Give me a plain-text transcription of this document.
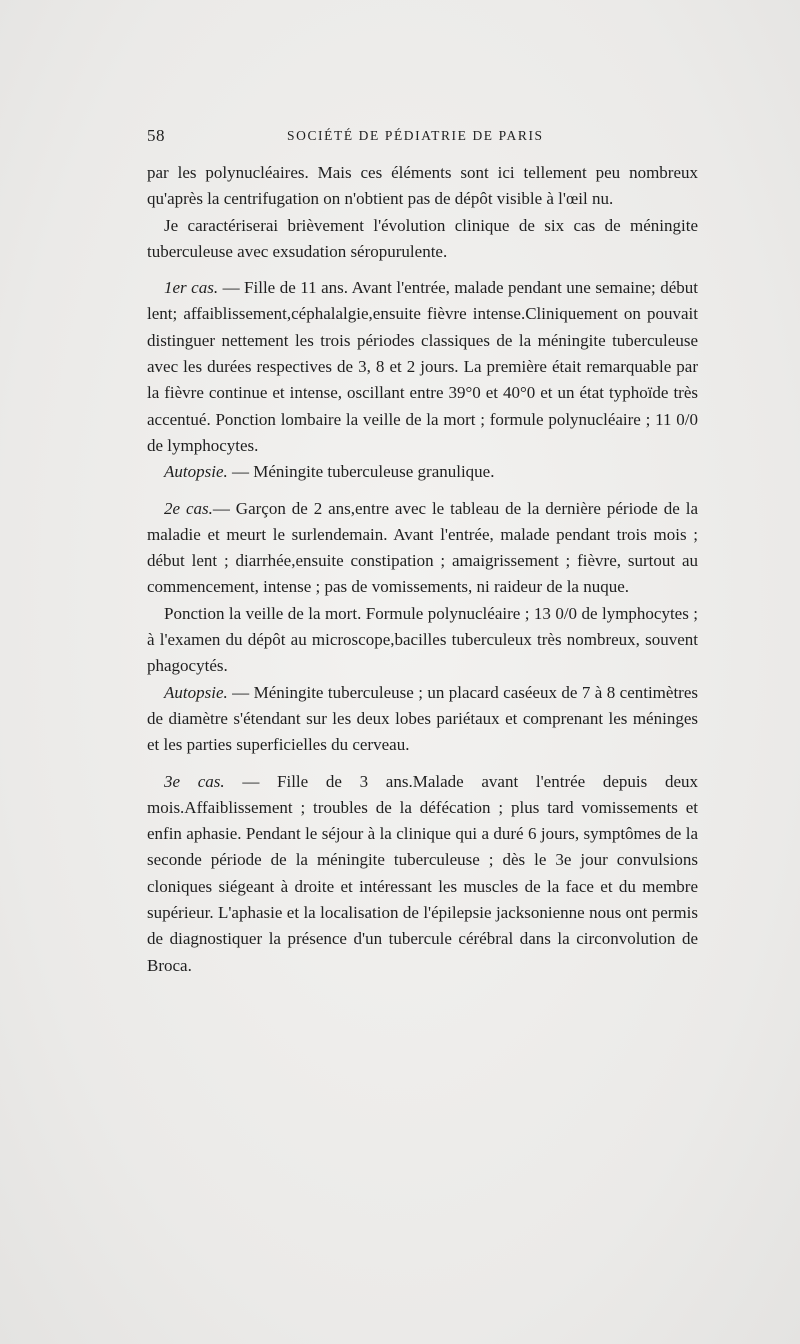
58	SOCIÉTÉ DE PÉDIATRIE DE PARIS

par les polynucléaires. Mais ces éléments sont ici tellement peu nombreux qu'après la centrifugation on n'obtient pas de dépôt visible à l'œil nu.

Je caractériserai brièvement l'évolution clinique de six cas de méningite tuberculeuse avec exsudation séropurulente.

1er cas. — Fille de 11 ans. Avant l'entrée, malade pendant une semaine; début lent; affaiblissement,céphalalgie,ensuite fièvre intense.Cliniquement on pouvait distinguer nettement les trois périodes classiques de la méningite tuberculeuse avec les durées respectives de 3, 8 et 2 jours. La première était remarquable par la fièvre continue et intense, oscillant entre 39°0 et 40°0 et un état typhoïde très accentué. Ponction lombaire la veille de la mort ; formule polynucléaire ; 11 0/0 de lymphocytes.

Autopsie. — Méningite tuberculeuse granulique.

2e cas.— Garçon de 2 ans,entre avec le tableau de la dernière période de la maladie et meurt le surlendemain. Avant l'entrée, malade pendant trois mois ; début lent ; diarrhée,ensuite constipation ; amaigrissement ; fièvre, surtout au commencement, intense ; pas de vomissements, ni raideur de la nuque.

Ponction la veille de la mort. Formule polynucléaire ; 13 0/0 de lymphocytes ; à l'examen du dépôt au microscope,bacilles tuberculeux très nombreux, souvent phagocytés.

Autopsie. — Méningite tuberculeuse ; un placard caséeux de 7 à 8 centimètres de diamètre s'étendant sur les deux lobes pariétaux et comprenant les méninges et les parties superficielles du cerveau.

3e cas. — Fille de 3 ans.Malade avant l'entrée depuis deux mois.Affaiblissement ; troubles de la défécation ; plus tard vomissements et enfin aphasie. Pendant le séjour à la clinique qui a duré 6 jours, symptômes de la seconde période de la méningite tuberculeuse ; dès le 3e jour convulsions cloniques siégeant à droite et intéressant les muscles de la face et du membre supérieur. L'aphasie et la localisation de l'épilepsie jacksonienne nous ont permis de diagnostiquer la présence d'un tubercule cérébral dans la circonvolution de Broca.
